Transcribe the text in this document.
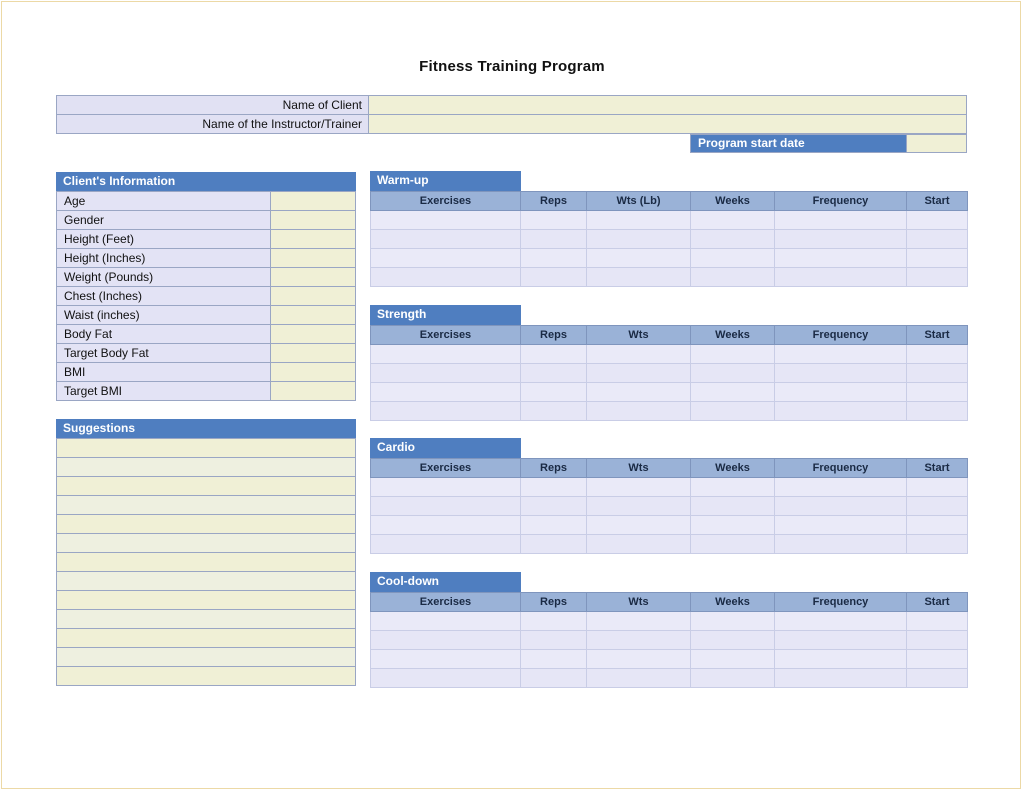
Fitness Training Program
Name of Client	
Name of the Instructor/Trainer	
Program start date
Client's Information
Age	
Gender	
Height (Feet)	
Height (Inches)	
Weight (Pounds)	
Chest (Inches)	
Waist (inches)	
Body Fat	
Target Body Fat	
BMI	
Target BMI	
Suggestions

Warm-up
Exercises	Reps	Wts (Lb)	Weeks	Frequency	Start

Strength
Exercises	Reps	Wts	Weeks	Frequency	Start

Cardio
Exercises	Reps	Wts	Weeks	Frequency	Start

Cool-down
Exercises	Reps	Wts	Weeks	Frequency	Start
